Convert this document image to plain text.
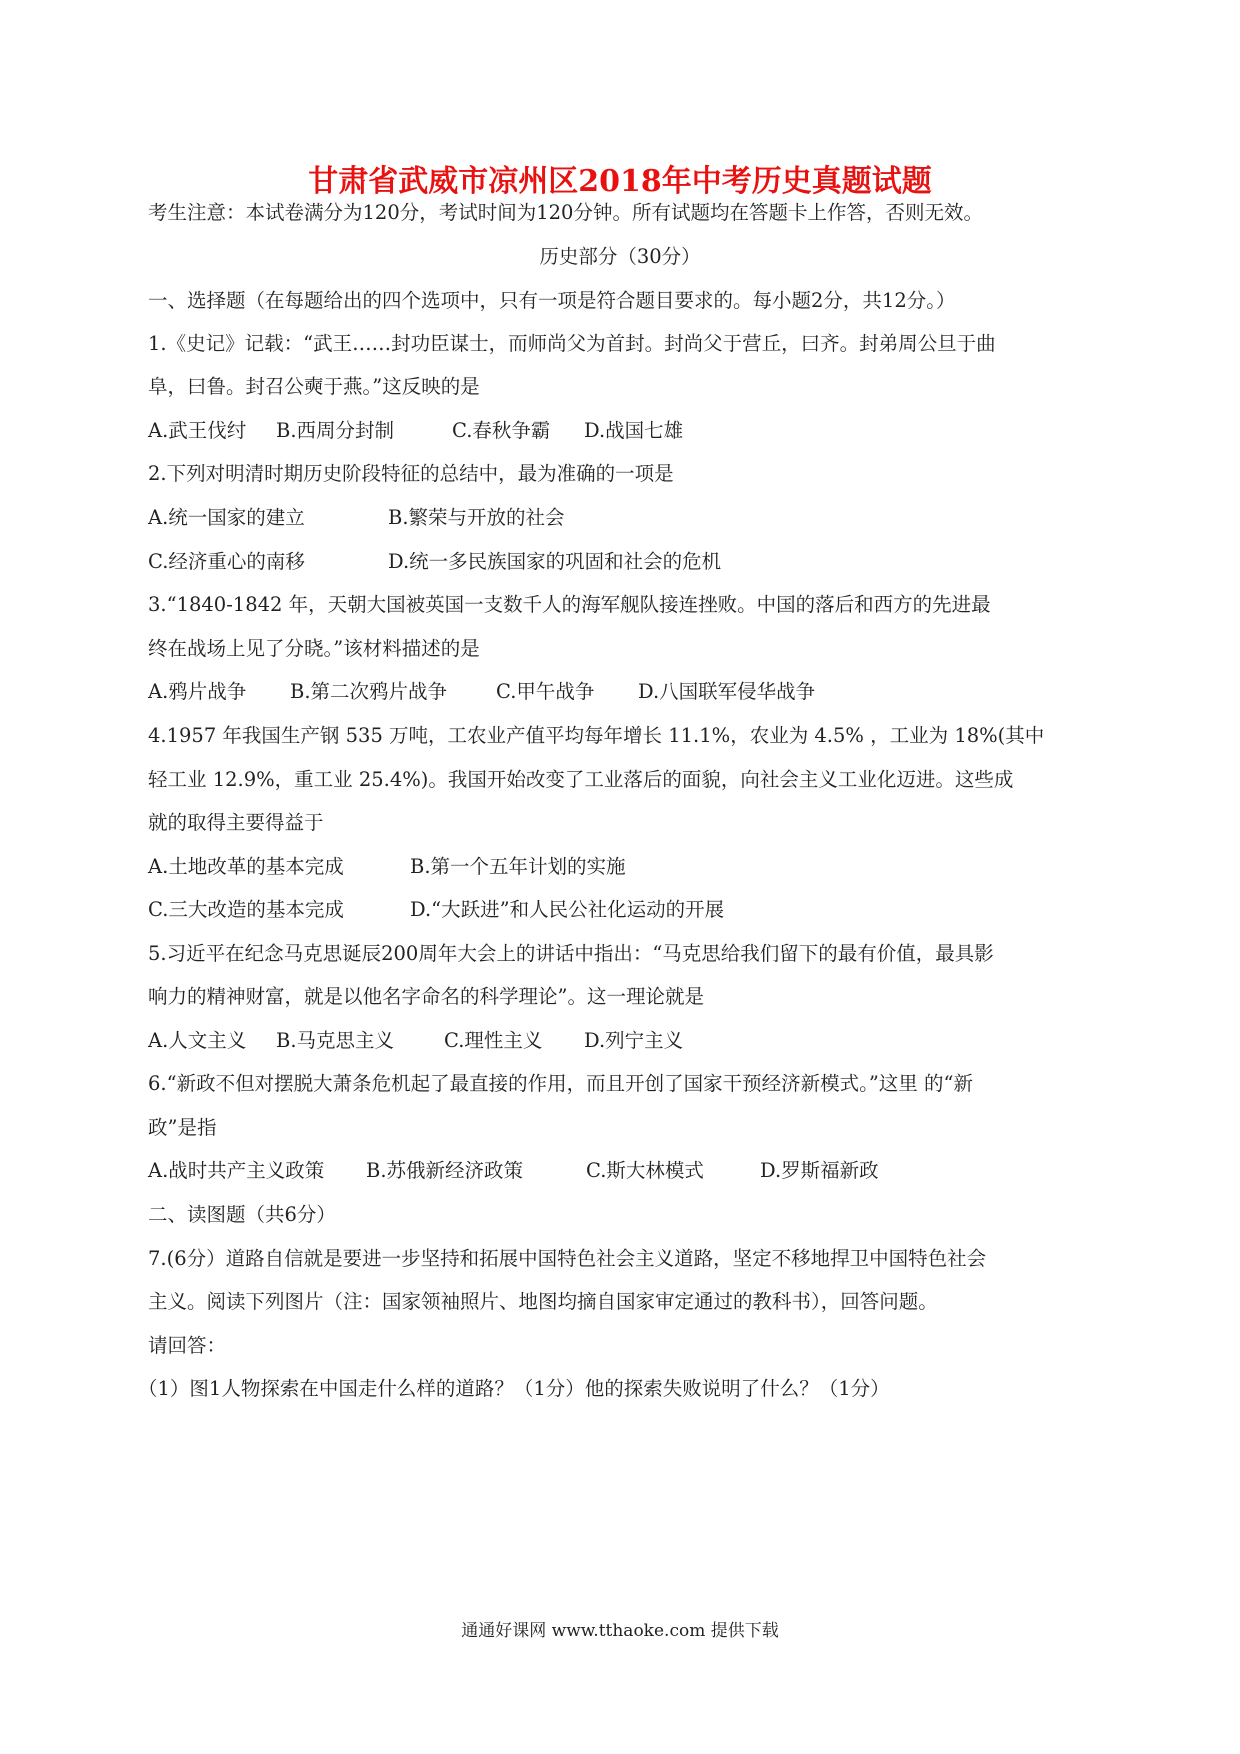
甘肃省武威市凉州区2018年中考历史真题试题
考生注意：本试卷满分为120分，考试时间为120分钟。所有试题均在答题卡上作答，否则无效。
历史部分（30分）
一、选择题（在每题给出的四个选项中，只有一项是符合题目要求的。每小题2分，共12分。）
1.《史记》记载：“武王……封功臣谋士，而师尚父为首封。封尚父于营丘，曰齐。封弟周公旦于曲
阜，曰鲁。封召公奭于燕。”这反映的是
A.武王伐纣 B.西周分封制	C.春秋争霸 D.战国七雄
2.下列对明清时期历史阶段特征的总结中，最为准确的一项是
A.统一国家的建立	B.繁荣与开放的社会
C.经济重心的南移	D.统一多民族国家的巩固和社会的危机
3.“1840-1842 年，天朝大国被英国一支数千人的海军舰队接连挫败。中国的落后和西方的先进最
终在战场上见了分晓。”该材料描述的是
A.鸦片战争 B.第二次鸦片战争	C.甲午战争 D.八国联军侵华战争
4.1957 年我国生产钢 535 万吨，工农业产值平均每年增长 11.1%，农业为 4.5% ，工业为 18%(其中
轻工业 12.9%，重工业 25.4%)。我国开始改变了工业落后的面貌，向社会主义工业化迈进。这些成
就的取得主要得益于
A.土地改革的基本完成	B.第一个五年计划的实施
C.三大改造的基本完成	D.“大跃进”和人民公社化运动的开展
5.习近平在纪念马克思诞辰200周年大会上的讲话中指出：“马克思给我们留下的最有价值，最具影
响力的精神财富，就是以他名字命名的科学理论”。这一理论就是
A.人文主义 B.马克思主义	C.理性主义 D.列宁主义
6.“新政不但对摆脱大萧条危机起了最直接的作用，而且开创了国家干预经济新模式。”这里 的“新
政”是指
A.战时共产主义政策 B.苏俄新经济政策	C.斯大林模式	D.罗斯福新政
二、读图题（共6分）
7.(6分）道路自信就是要进一步坚持和拓展中国特色社会主义道路，坚定不移地捍卫中国特色社会
主义。阅读下列图片（注：国家领袖照片、地图均摘自国家审定通过的教科书），回答问题。
请回答：
（1）图1人物探索在中国走什么样的道路？（1分）他的探索失败说明了什么？（1分）
通通好课网 www.tthaoke.com 提供下载
